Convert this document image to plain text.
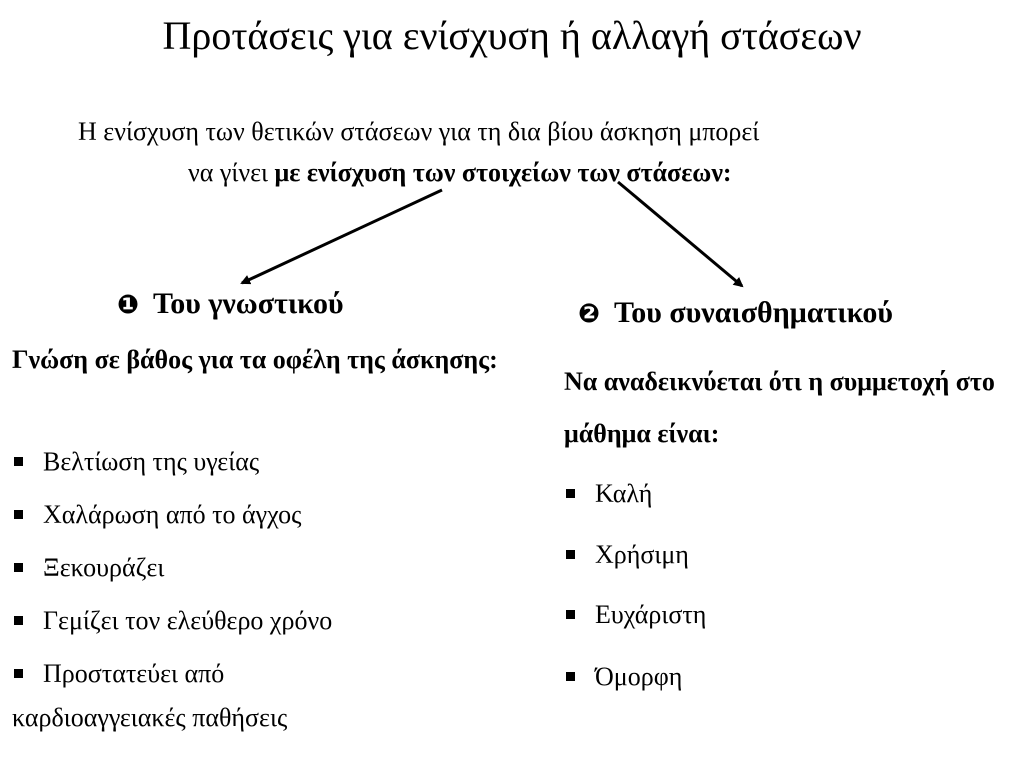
Προτάσεις για ενίσχυση ή αλλαγή στάσεων
Η ενίσχυση των θετικών στάσεων για τη δια βίου άσκηση μπορεί
να γίνει με ενίσχυση των στοιχείων των στάσεων:
❶ Του γνωστικού	❷ Του συναισθηματικού
Γνώση σε βάθος για τα οφέλη της άσκησης:
Να αναδεικνύεται ότι η συμμετοχή στο μάθημα είναι:
Βελτίωση της υγείας
Χαλάρωση από το άγχος
Ξεκουράζει
Γεμίζει τον ελεύθερο χρόνο
Προστατεύει από καρδιοαγγειακές παθήσεις
Καλή
Χρήσιμη
Ευχάριστη
Όμορφη
